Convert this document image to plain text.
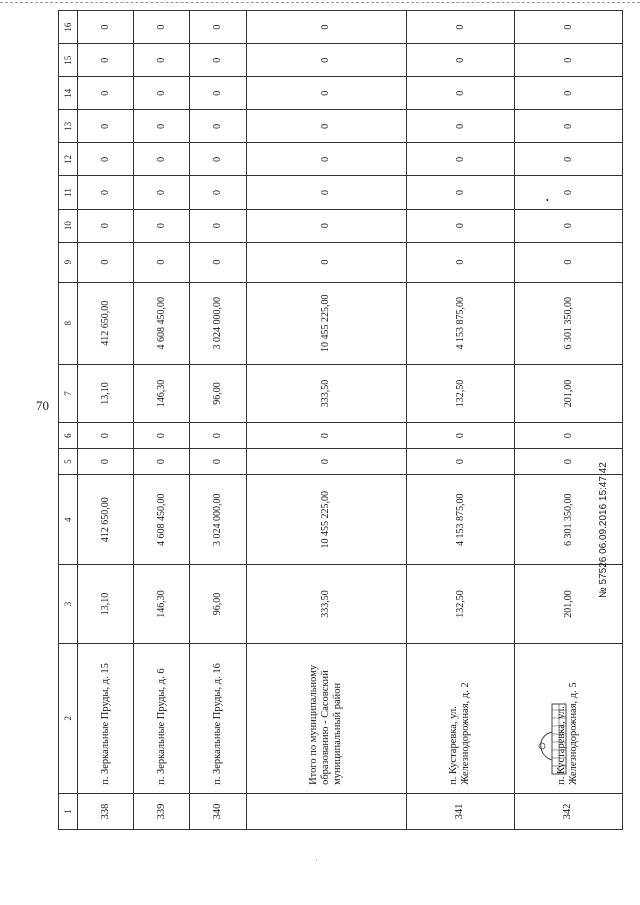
70
•
1	2	3	4	5	6	7	8	9	10	11	12	13	14	15	16
338	п. Зеркальные Пруды, д. 15	13,10	412 650,00	0	0	13,10	412 650,00	0	0	0	0	0	0	0	0
339	п. Зеркальные Пруды, д. 6	146,30	4 608 450,00	0	0	146,30	4 608 450,00	0	0	0	0	0	0	0	0
340	п. Зеркальные Пруды, д. 16	96,00	3 024 000,00	0	0	96,00	3 024 000,00	0	0	0	0	0	0	0	0
	Итого по муниципальному образованию - Сасовский муниципальный район	333,50	10 455 225,00	0	0	333,50	10 455 225,00	0	0	0	0	0	0	0	0
341	п. Кустаревка, ул. Железнодорожная, д. 2	132,50	4 153 875,00	0	0	132,50	4 153 875,00	0	0	0	0	0	0	0	0
342	п. Кустаревка, ул. Железнодорожная, д. 5	201,00	6 301 350,00	0	0	201,00	6 301 350,00	0	0	0	0	0	0	0	0
№ 57526 06.09.2016 15:47:42
·
